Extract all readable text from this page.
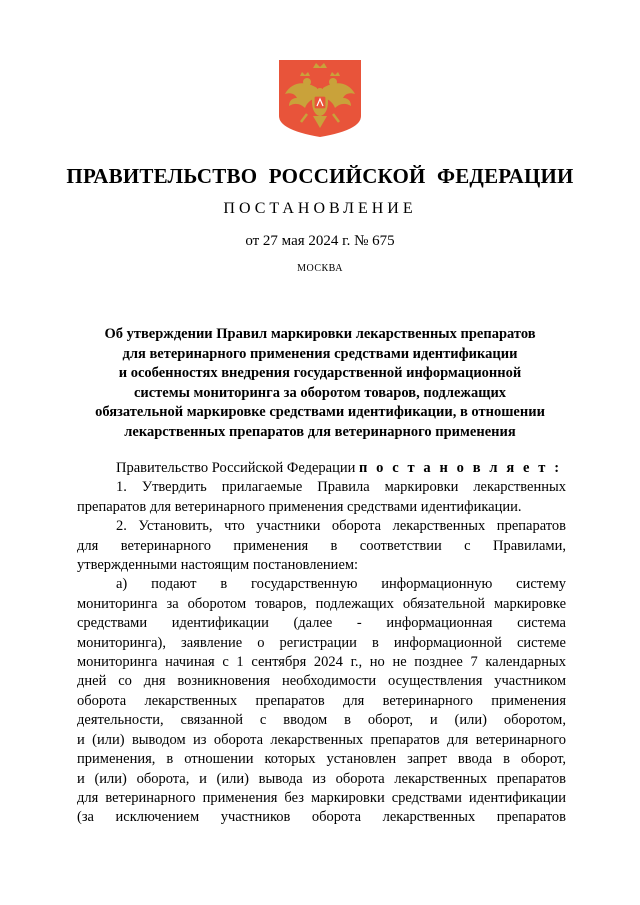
ПРАВИТЕЛЬСТВО РОССИЙСКОЙ ФЕДЕРАЦИИ
ПОСТАНОВЛЕНИЕ
от 27 мая 2024 г. № 675
МОСКВА
Об утверждении Правил маркировки лекарственных препаратов
для ветеринарного применения средствами идентификации
и особенностях внедрения государственной информационной
системы мониторинга за оборотом товаров, подлежащих
обязательной маркировке средствами идентификации, в отношении
лекарственных препаратов для ветеринарного применения
Правительство Российской Федерации п о с т а н о в л я е т :
1. Утвердить прилагаемые Правила маркировки лекарственных
препаратов для ветеринарного применения средствами идентификации.
2. Установить, что участники оборота лекарственных препаратов
для ветеринарного применения в соответствии с Правилами,
утвержденными настоящим постановлением:
а) подают в государственную информационную систему
мониторинга за оборотом товаров, подлежащих обязательной маркировке
средствами идентификации (далее - информационная система
мониторинга), заявление о регистрации в информационной системе
мониторинга начиная с 1 сентября 2024 г., но не позднее 7 календарных
дней со дня возникновения необходимости осуществления участником
оборота лекарственных препаратов для ветеринарного применения
деятельности, связанной с вводом в оборот, и (или) оборотом,
и (или) выводом из оборота лекарственных препаратов для ветеринарного
применения, в отношении которых установлен запрет ввода в оборот,
и (или) оборота, и (или) вывода из оборота лекарственных препаратов
для ветеринарного применения без маркировки средствами идентификации
(за исключением участников оборота лекарственных препаратов
